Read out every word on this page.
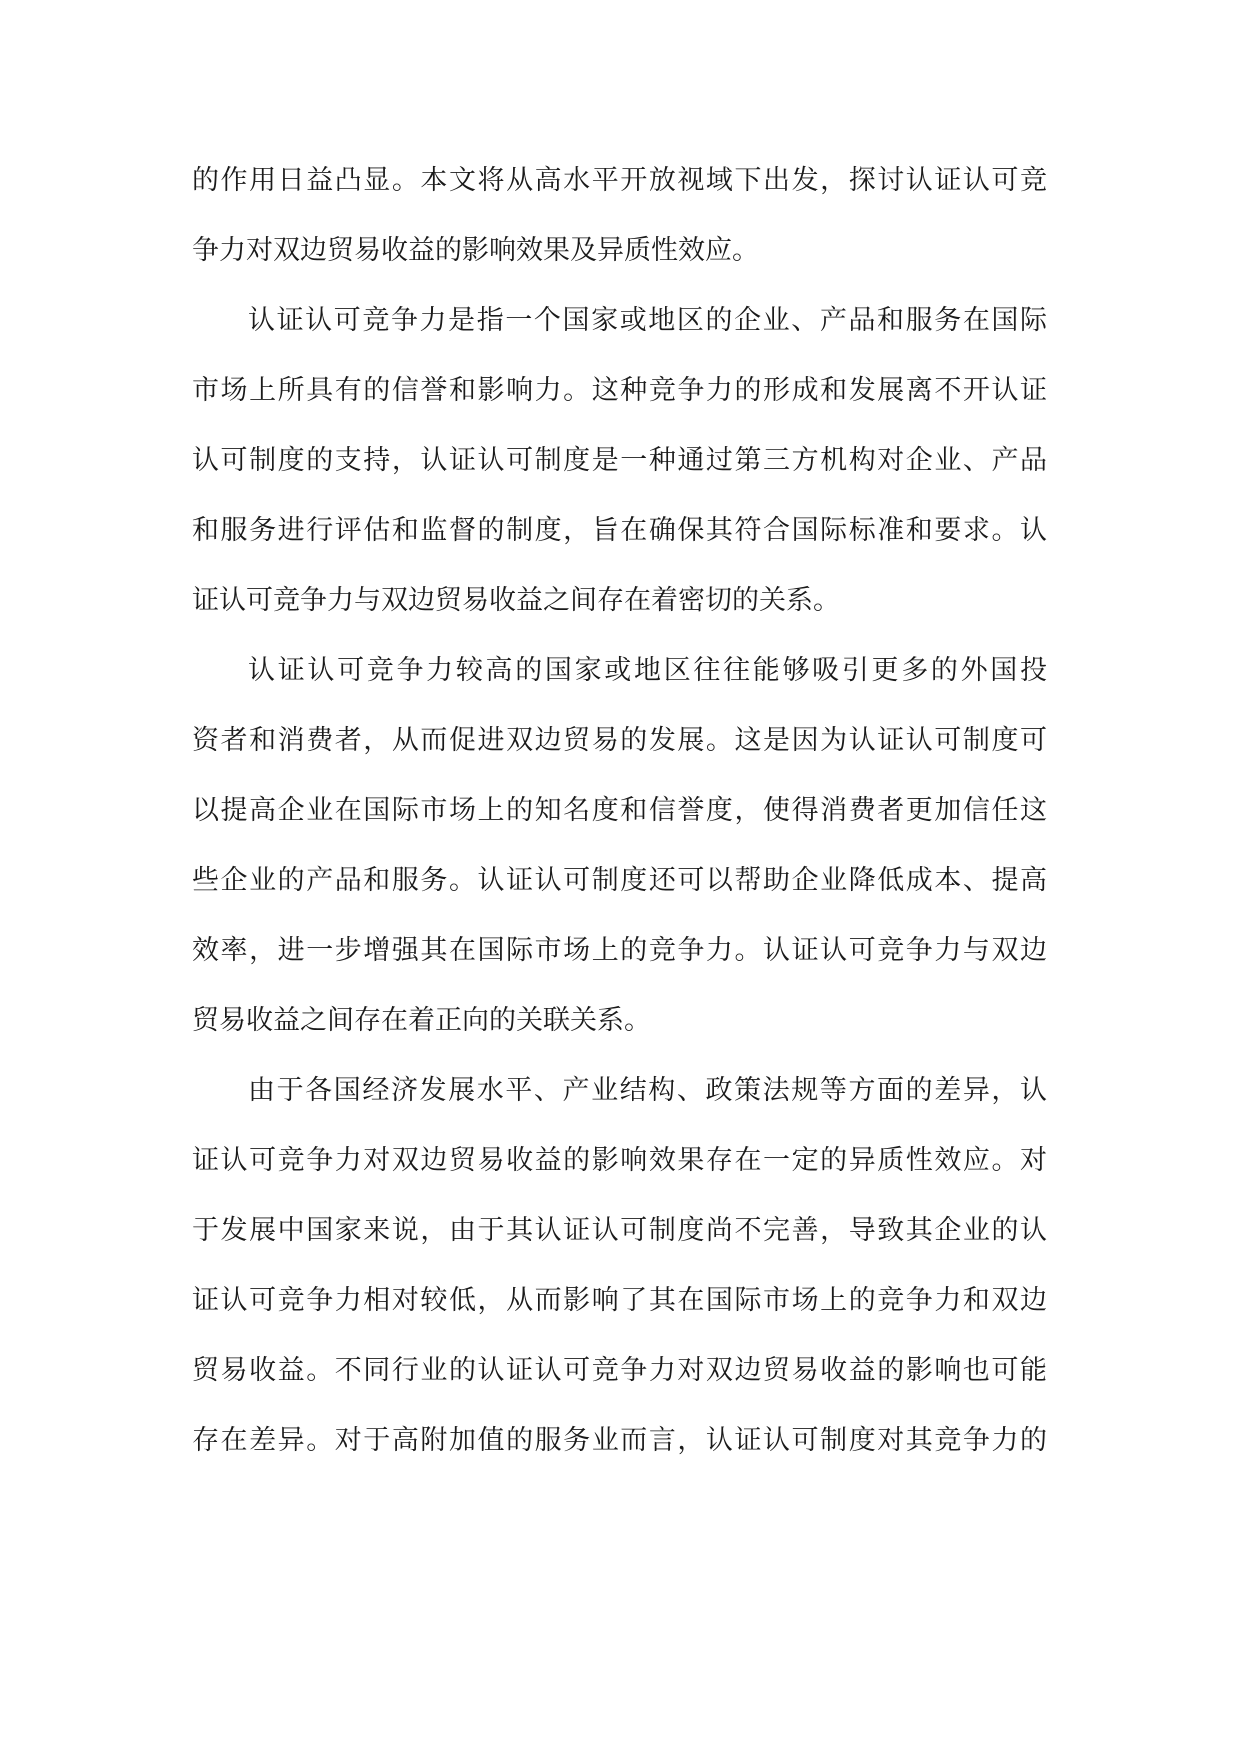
的作用日益凸显。本文将从高水平开放视域下出发，探讨认证认可竞
争力对双边贸易收益的影响效果及异质性效应。
认证认可竞争力是指一个国家或地区的企业、产品和服务在国际
市场上所具有的信誉和影响力。这种竞争力的形成和发展离不开认证
认可制度的支持，认证认可制度是一种通过第三方机构对企业、产品
和服务进行评估和监督的制度，旨在确保其符合国际标准和要求。认
证认可竞争力与双边贸易收益之间存在着密切的关系。
认证认可竞争力较高的国家或地区往往能够吸引更多的外国投
资者和消费者，从而促进双边贸易的发展。这是因为认证认可制度可
以提高企业在国际市场上的知名度和信誉度，使得消费者更加信任这
些企业的产品和服务。认证认可制度还可以帮助企业降低成本、提高
效率，进一步增强其在国际市场上的竞争力。认证认可竞争力与双边
贸易收益之间存在着正向的关联关系。
由于各国经济发展水平、产业结构、政策法规等方面的差异，认
证认可竞争力对双边贸易收益的影响效果存在一定的异质性效应。对
于发展中国家来说，由于其认证认可制度尚不完善，导致其企业的认
证认可竞争力相对较低，从而影响了其在国际市场上的竞争力和双边
贸易收益。不同行业的认证认可竞争力对双边贸易收益的影响也可能
存在差异。对于高附加值的服务业而言，认证认可制度对其竞争力的
